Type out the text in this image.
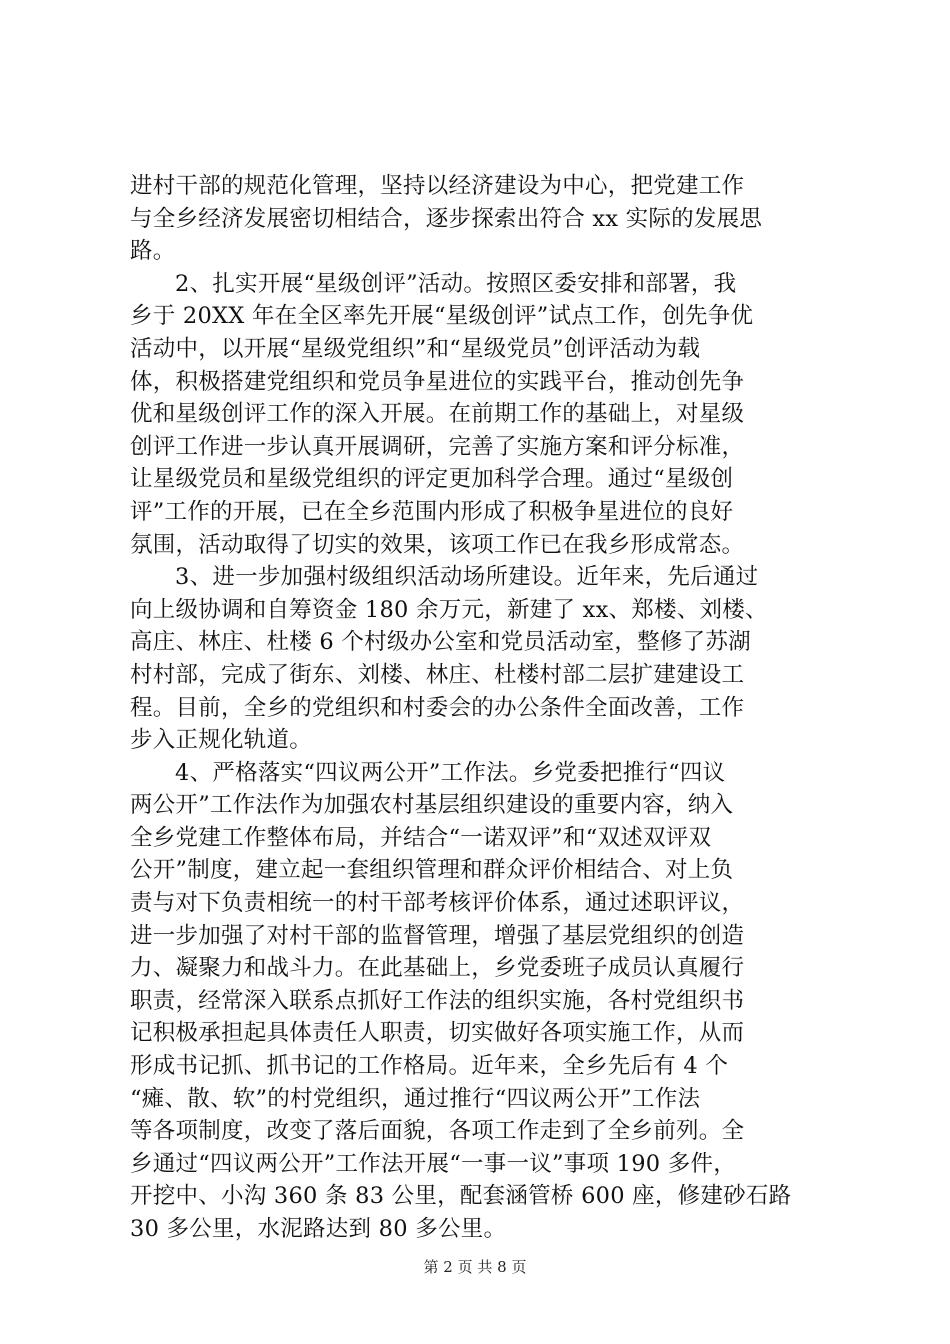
进村干部的规范化管理，坚持以经济建设为中心，把党建工作
与全乡经济发展密切相结合，逐步探索出符合 xx 实际的发展思
路。
2、扎实开展“星级创评”活动。按照区委安排和部署，我
乡于 20XX 年在全区率先开展“星级创评”试点工作，创先争优
活动中，以开展“星级党组织”和“星级党员”创评活动为载
体，积极搭建党组织和党员争星进位的实践平台，推动创先争
优和星级创评工作的深入开展。在前期工作的基础上，对星级
创评工作进一步认真开展调研，完善了实施方案和评分标准，
让星级党员和星级党组织的评定更加科学合理。通过“星级创
评”工作的开展，已在全乡范围内形成了积极争星进位的良好
氛围，活动取得了切实的效果，该项工作已在我乡形成常态。
3、进一步加强村级组织活动场所建设。近年来，先后通过
向上级协调和自筹资金 180 余万元，新建了 xx、郑楼、刘楼、
高庄、林庄、杜楼 6 个村级办公室和党员活动室，整修了苏湖
村村部，完成了街东、刘楼、林庄、杜楼村部二层扩建建设工
程。目前，全乡的党组织和村委会的办公条件全面改善，工作
步入正规化轨道。
4、严格落实“四议两公开”工作法。乡党委把推行“四议
两公开”工作法作为加强农村基层组织建设的重要内容，纳入
全乡党建工作整体布局，并结合“一诺双评”和“双述双评双
公开”制度，建立起一套组织管理和群众评价相结合、对上负
责与对下负责相统一的村干部考核评价体系，通过述职评议，
进一步加强了对村干部的监督管理，增强了基层党组织的创造
力、凝聚力和战斗力。在此基础上，乡党委班子成员认真履行
职责，经常深入联系点抓好工作法的组织实施，各村党组织书
记积极承担起具体责任人职责，切实做好各项实施工作，从而
形成书记抓、抓书记的工作格局。近年来，全乡先后有 4 个
“瘫、散、软”的村党组织，通过推行“四议两公开”工作法
等各项制度，改变了落后面貌，各项工作走到了全乡前列。全
乡通过“四议两公开”工作法开展“一事一议”事项 190 多件，
开挖中、小沟 360 条 83 公里，配套涵管桥 600 座，修建砂石路
30 多公里，水泥路达到 80 多公里。
第 2 页 共 8 页
